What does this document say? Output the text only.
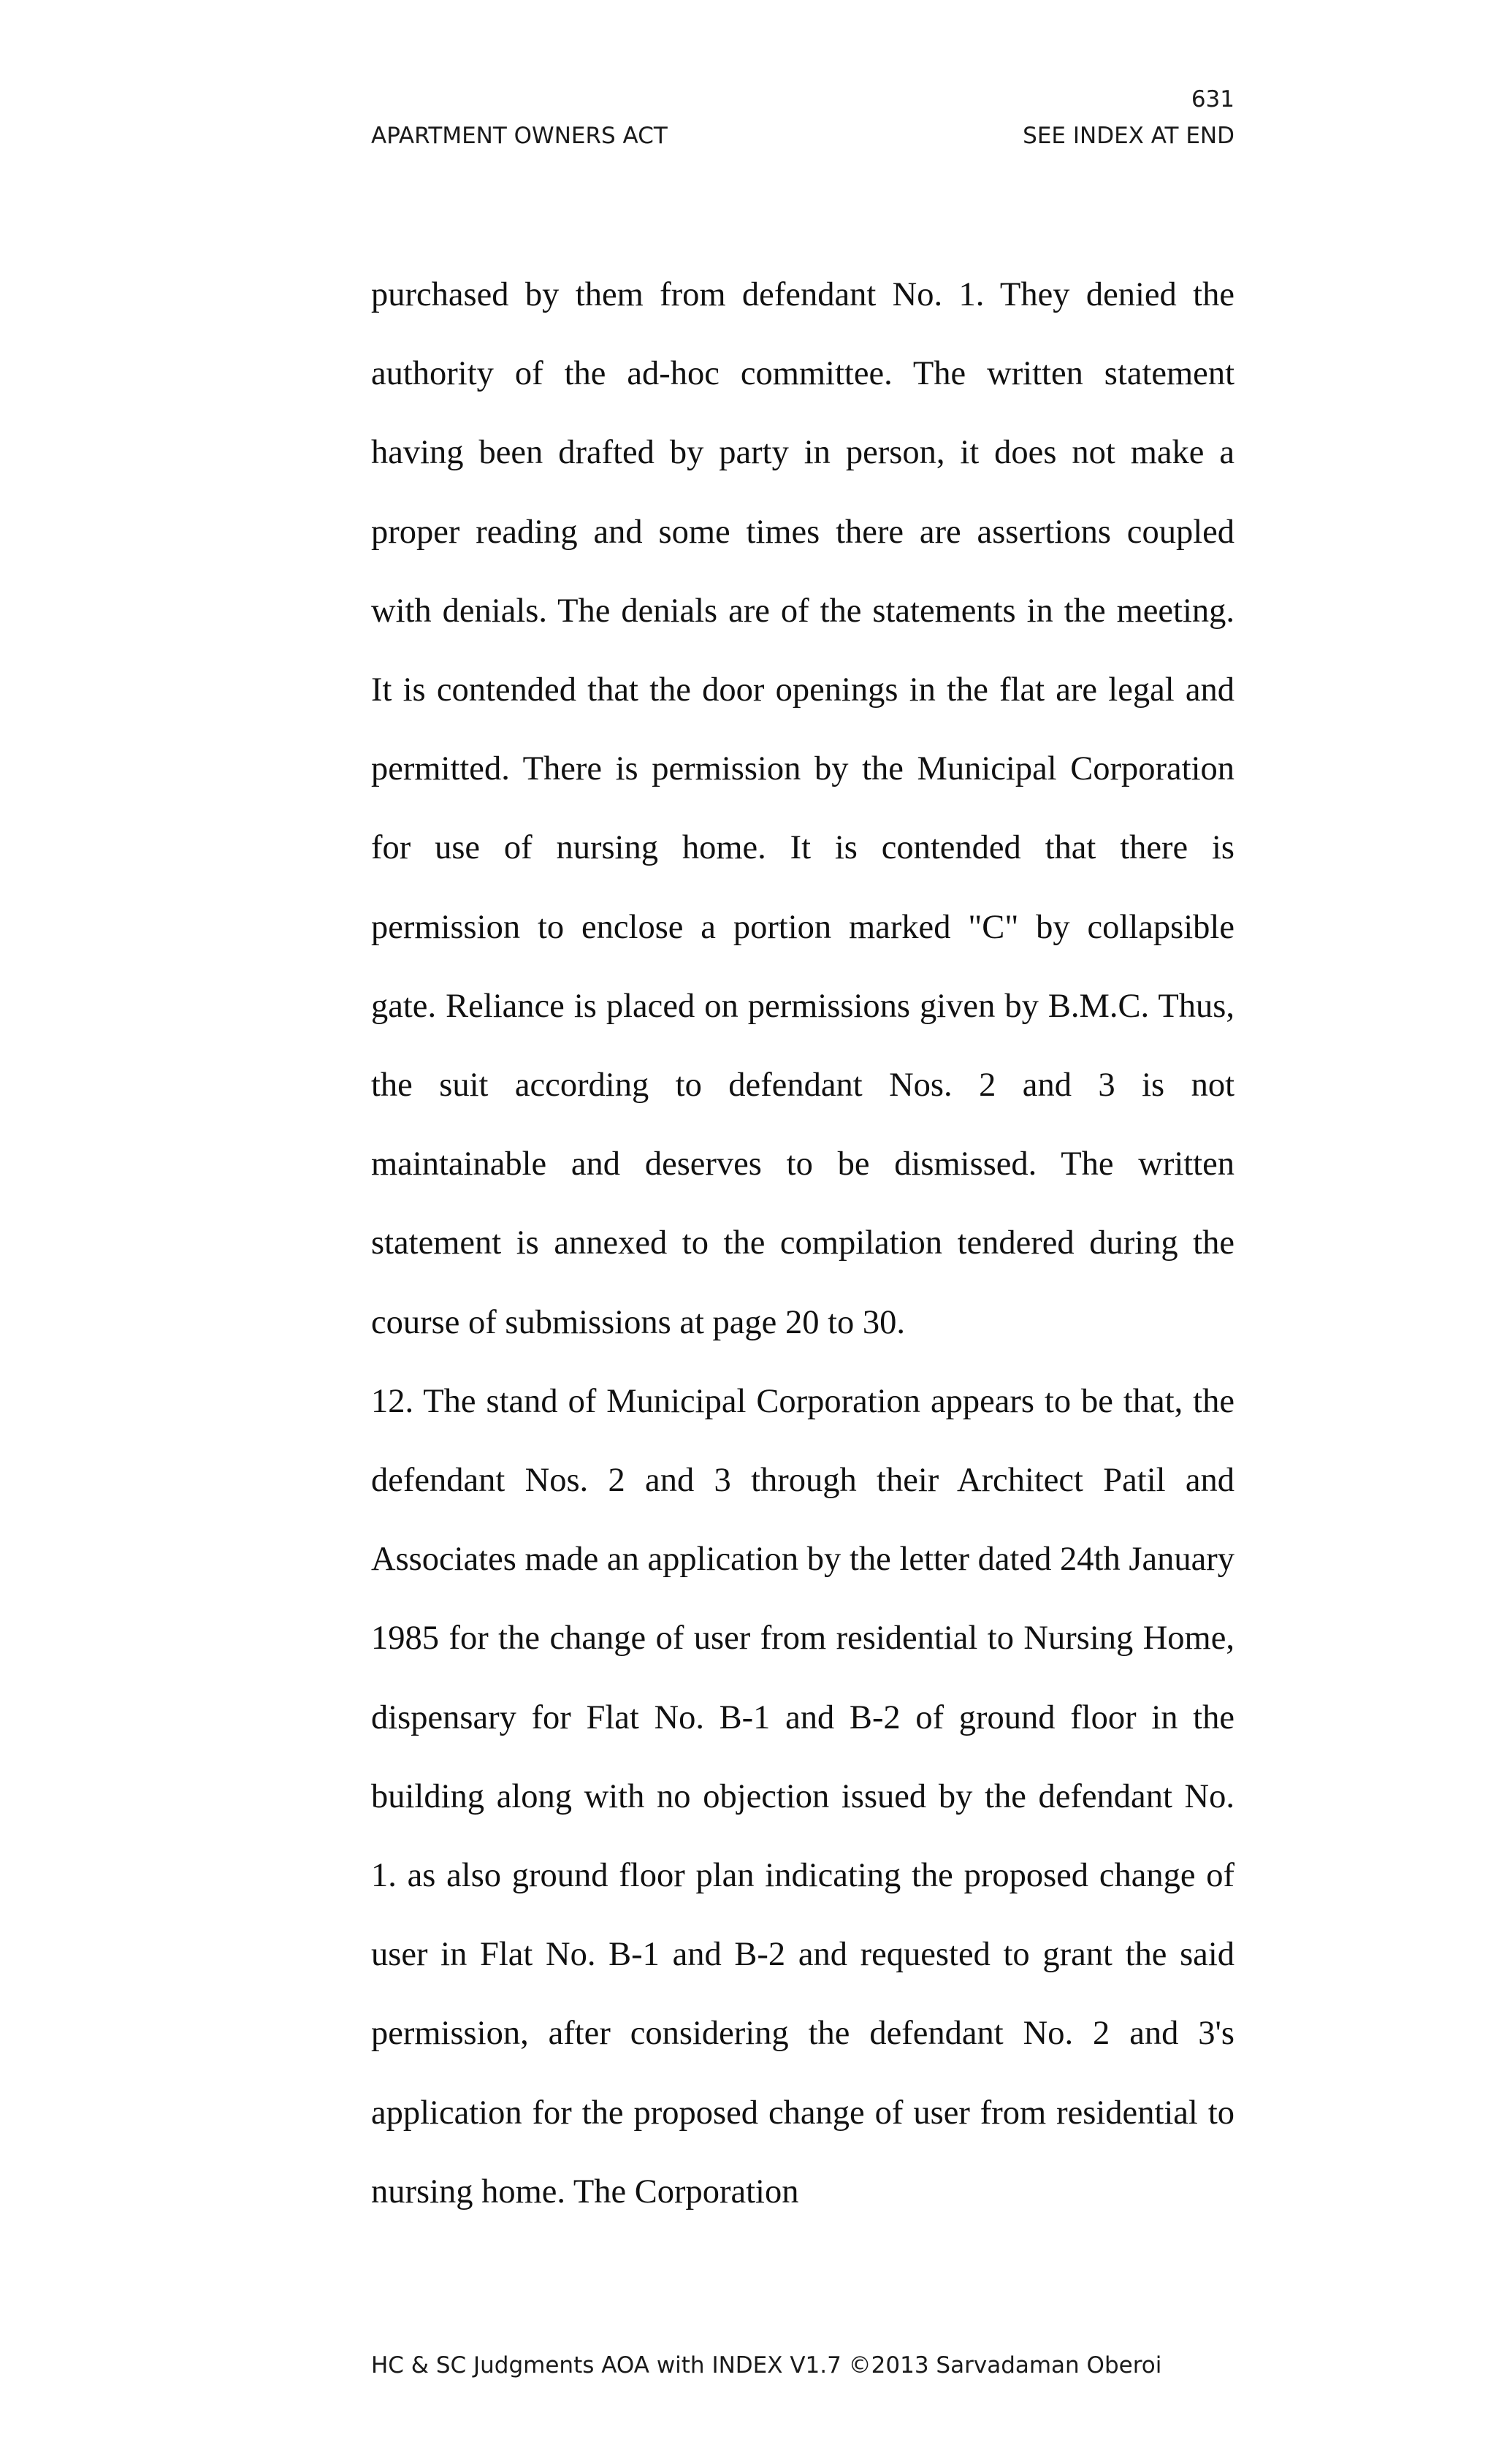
631
APARTMENT OWNERS ACT	SEE INDEX AT END

purchased by them from defendant No. 1. They denied the authority of the ad-hoc committee. The written statement having been drafted by party in person, it does not make a proper reading and some times there are assertions coupled with denials. The denials are of the statements in the meeting. It is contended that the door openings in the flat are legal and permitted. There is permission by the Municipal Corporation for use of nursing home. It is contended that there is permission to enclose a portion marked "C" by collapsible gate. Reliance is placed on permissions given by B.M.C. Thus, the suit according to defendant Nos. 2 and 3 is not maintainable and deserves to be dismissed. The written statement is annexed to the compilation tendered during the course of submissions at page 20 to 30.

12. The stand of Municipal Corporation appears to be that, the defendant Nos. 2 and 3 through their Architect Patil and Associates made an application by the letter dated 24th January 1985 for the change of user from residential to Nursing Home, dispensary for Flat No. B-1 and B-2 of ground floor in the building along with no objection issued by the defendant No. 1. as also ground floor plan indicating the proposed change of user in Flat No. B-1 and B-2 and requested to grant the said permission, after considering the defendant No. 2 and 3's application for the proposed change of user from residential to nursing home. The Corporation

HC & SC Judgments AOA with INDEX V1.7 ©2013 Sarvadaman Oberoi
